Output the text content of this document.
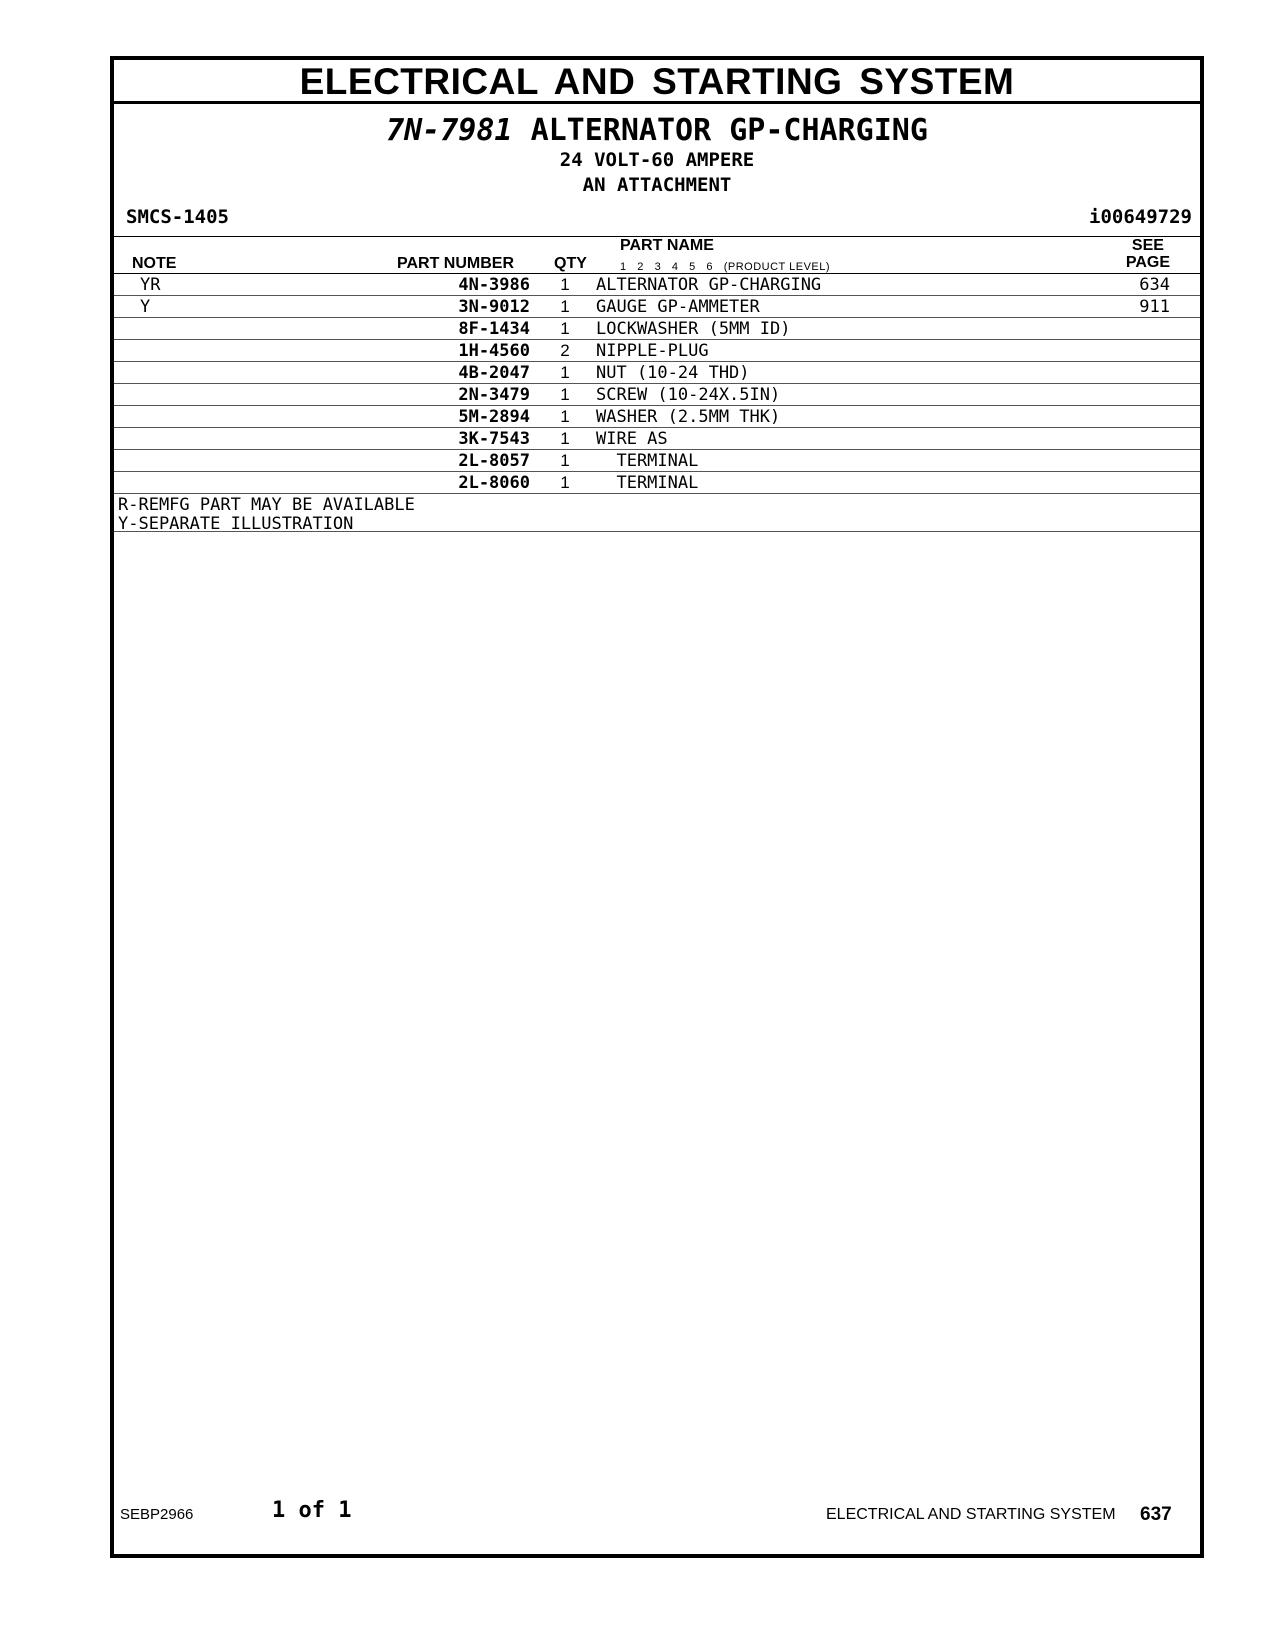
ELECTRICAL AND STARTING SYSTEM
7N-7981 ALTERNATOR GP-CHARGING
24 VOLT-60 AMPERE
AN ATTACHMENT
SMCS-1405	i00649729
NOTE	PART NUMBER	QTY
PART NAME
1   2   3   4   5   6   (PRODUCT LEVEL)
SEE
PAGE
YR	4N-3986 1 ALTERNATOR GP-CHARGING	634
Y	3N-9012 1 GAUGE GP-AMMETER	911
8F-1434 1 LOCKWASHER (5MM ID)
1H-4560 2 NIPPLE-PLUG
4B-2047 1 NUT (10-24 THD)
2N-3479 1 SCREW (10-24X.5IN)
5M-2894 1 WASHER (2.5MM THK)
3K-7543 1 WIRE AS
2L-8057 1 TERMINAL
2L-8060 1 TERMINAL
R-REMFG PART MAY BE AVAILABLE
Y-SEPARATE ILLUSTRATION
SEBP2966	1 of 1	ELECTRICAL AND STARTING SYSTEM 637
